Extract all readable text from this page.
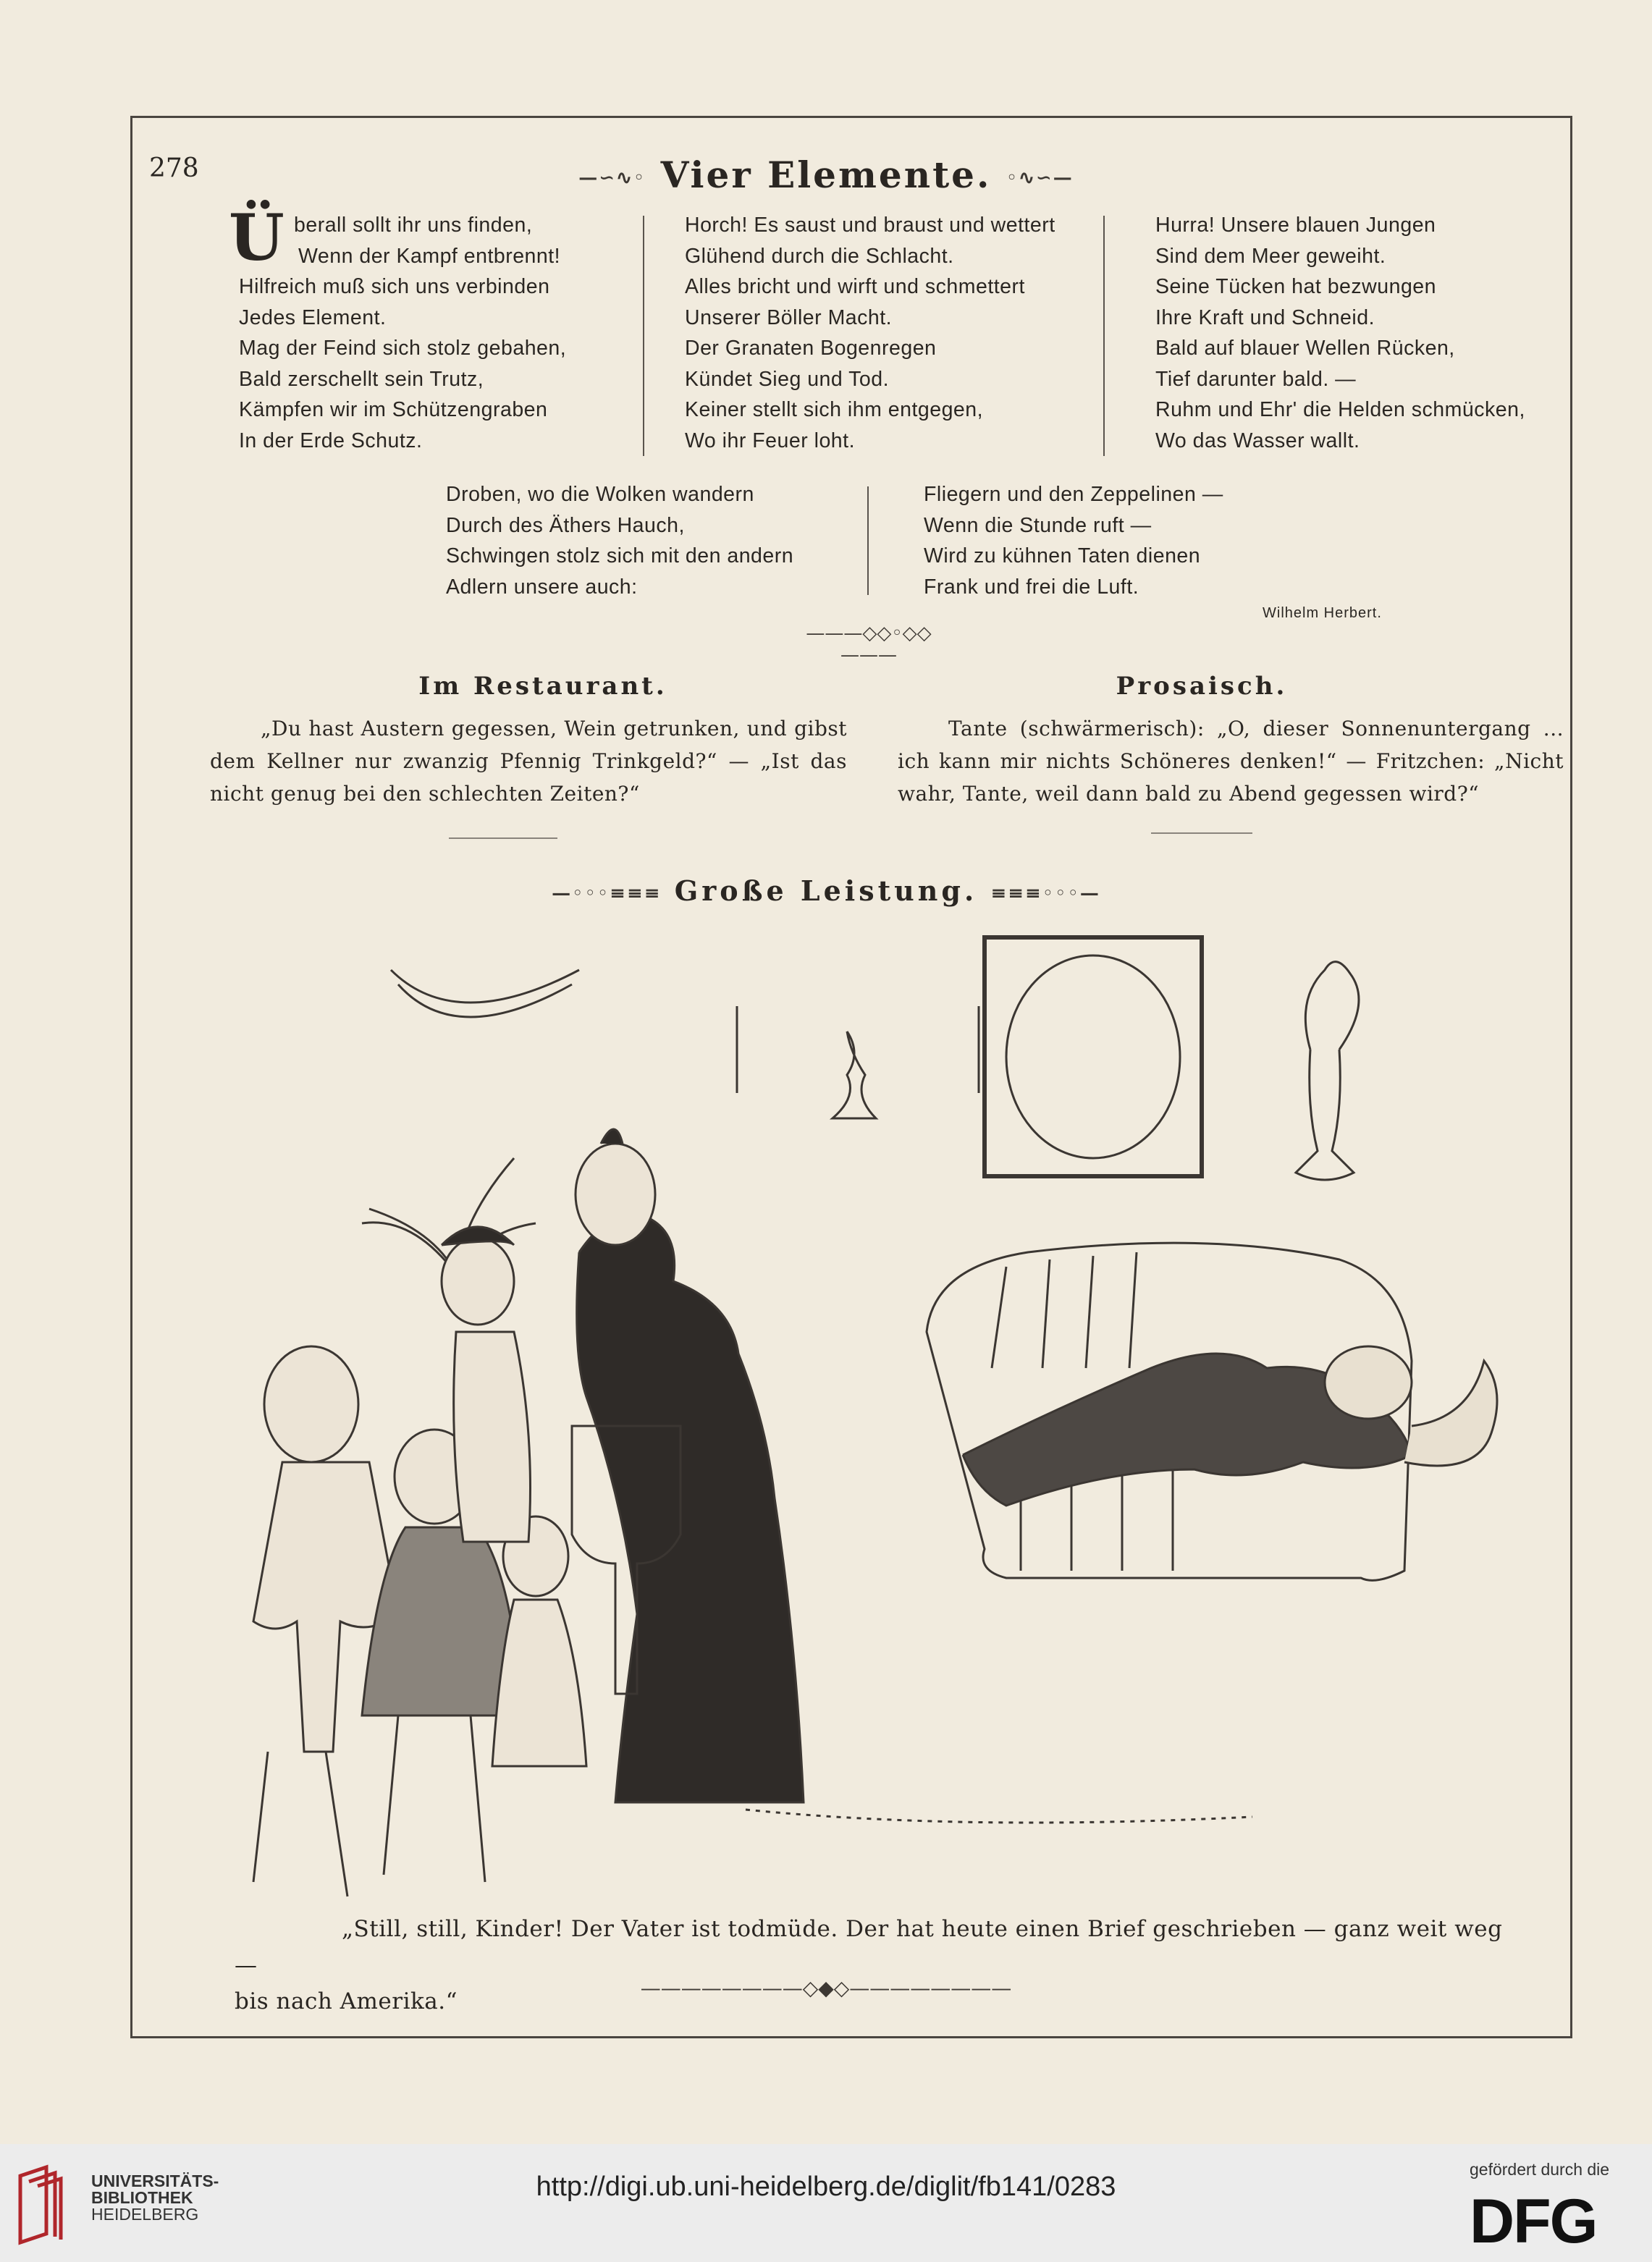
278	—∽∿◦ Vier Elemente. ◦∿∽—
Ü berall sollt ihr uns finden,
Wenn der Kampf entbrennt!
Hilfreich muß sich uns verbinden
Jedes Element.
Mag der Feind sich stolz gebahen,
Bald zerschellt sein Trutz,
Kämpfen wir im Schützengraben
In der Erde Schutz.
Horch! Es saust und braust und wettert
Glühend durch die Schlacht.
Alles bricht und wirft und schmettert
Unserer Böller Macht.
Der Granaten Bogenregen
Kündet Sieg und Tod.
Keiner stellt sich ihm entgegen,
Wo ihr Feuer loht.
Hurra! Unsere blauen Jungen
Sind dem Meer geweiht.
Seine Tücken hat bezwungen
Ihre Kraft und Schneid.
Bald auf blauer Wellen Rücken,
Tief darunter bald. —
Ruhm und Ehr' die Helden schmücken,
Wo das Wasser wallt.
Droben, wo die Wolken wandern
Durch des Äthers Hauch,
Schwingen stolz sich mit den andern
Adlern unsere auch:
Fliegern und den Zeppelinen —
Wenn die Stunde ruft —
Wird zu kühnen Taten dienen
Frank und frei die Luft.
Wilhelm Herbert.
———◇◇◦◇◇———
Im Restaurant.
„Du hast Austern gegessen, Wein getrunken, und gibst dem Kellner nur zwanzig Pfennig Trinkgeld?“ — „Ist das nicht genug bei den schlechten Zeiten?“
Prosaisch.
Tante (schwärmerisch): „O, dieser Sonnenuntergang ... ich kann mir nichts Schöneres denken!“ — Fritzchen: „Nicht wahr, Tante, weil dann bald zu Abend gegessen wird?“
—◦◦◦≡≡≡ Große Leistung. ≡≡≡◦◦◦—
„Still, still, Kinder! Der Vater ist todmüde. Der hat heute einen Brief geschrieben — ganz weit weg —
bis nach Amerika.“
————————◇◆◇————————
UNIVERSITÄTS-
BIBLIOTHEK
HEIDELBERG
http://digi.ub.uni-heidelberg.de/diglit/fb141/0283
gefördert durch die
DFG
